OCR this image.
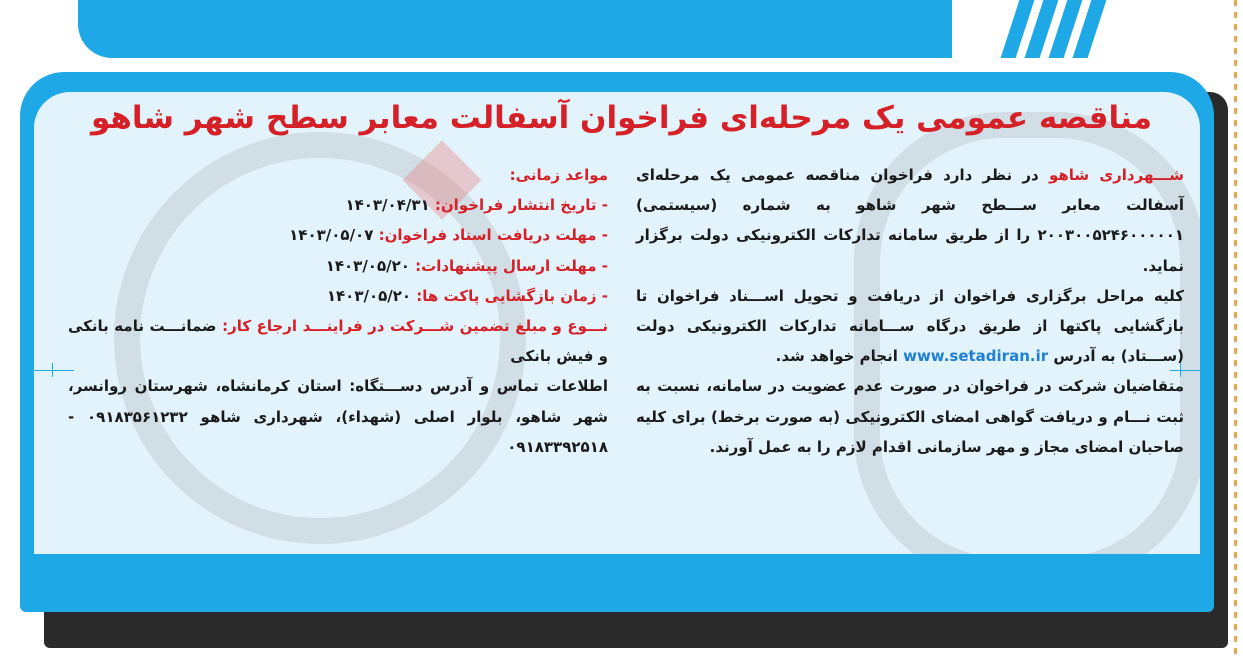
مناقصه عمومی یک مرحله‌ای فراخوان آسفالت معابر سطح شهر شاهو

شـــهرداری شاهو در نظر دارد فراخوان مناقصه عمومی یک مرحله‌ای آسفالت معابر ســـطح شهر شاهو به شماره (سیستمی) ۲۰۰۳۰۰۵۲۴۶۰۰۰۰۰۱ را از طریق سامانه تدارکات الکترونیکی دولت برگزار نماید.

کلیه مراحل برگزاری فراخوان از دریافت و تحویل اســـناد فراخوان تا بازگشایی پاکتها از طریق درگاه ســـامانه تدارکات الکترونیکی دولت (ســـتاد) به آدرس www.setadiran.ir انجام خواهد شد.

متقاضیان شرکت در فراخوان در صورت عدم عضویت در سامانه، نسبت به ثبت نـــام و دریافت گواهی امضای الکترونیکی (به صورت برخط) برای کلیه صاحبان امضای مجاز و مهر سازمانی اقدام لازم را به عمل آورند.

مواعد زمانی:

- تاریخ انتشار فراخوان: ۱۴۰۳/۰۴/۳۱

- مهلت دریافت اسناد فراخوان: ۱۴۰۳/۰۵/۰۷

- مهلت ارسال پیشنهادات: ۱۴۰۳/۰۵/۲۰

- زمان بازگشایی پاکت ها: ۱۴۰۳/۰۵/۲۰

نـــوع و مبلغ تضمین شـــرکت در فراینـــد ارجاع کار: ضمانـــت نامه بانکی و فیش بانکی

اطلاعات تماس و آدرس دســـتگاه: استان کرمانشاه، شهرستان روانسر، شهر شاهو، بلوار اصلی (شهداء)، شهرداری شاهو ۰۹۱۸۳۵۶۱۲۳۲ - ۰۹۱۸۳۳۹۲۵۱۸
